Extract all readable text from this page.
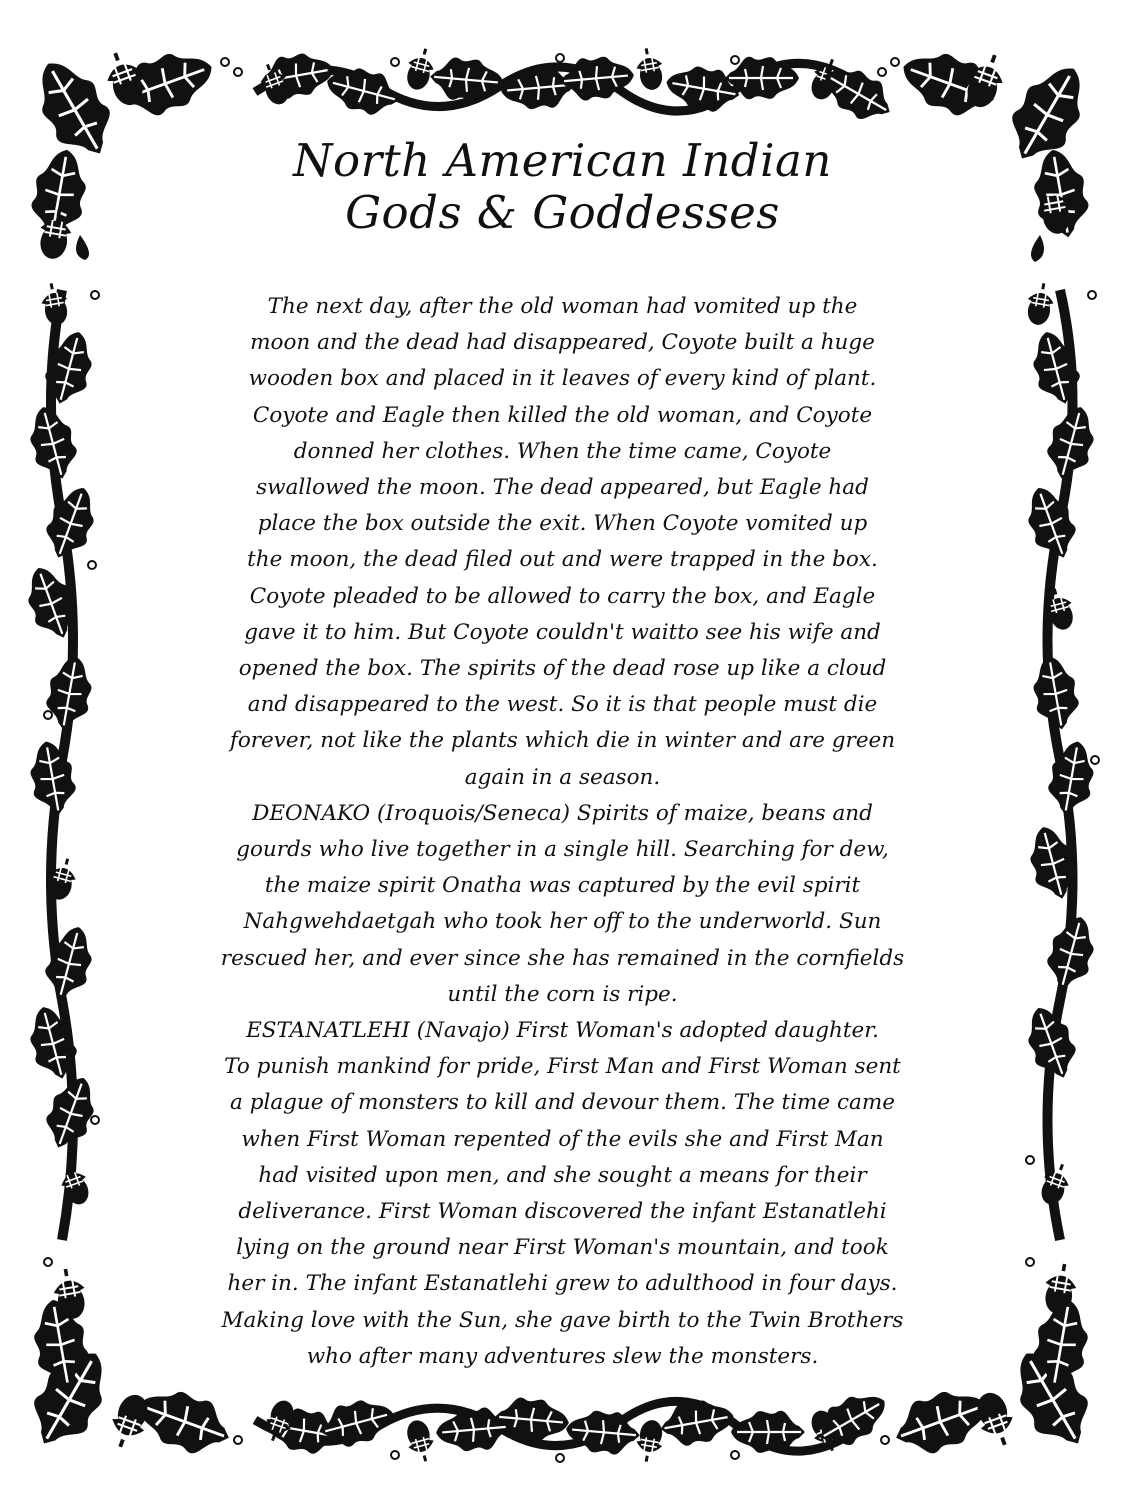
North American Indian
Gods & Goddesses
The next day, after the old woman had vomited up the
moon and the dead had disappeared, Coyote built a huge
wooden box and placed in it leaves of every kind of plant.
Coyote and Eagle then killed the old woman, and Coyote
donned her clothes. When the time came, Coyote
swallowed the moon. The dead appeared, but Eagle had
place the box outside the exit. When Coyote vomited up
the moon, the dead filed out and were trapped in the box.
Coyote pleaded to be allowed to carry the box, and Eagle
gave it to him. But Coyote couldn't waitto see his wife and
opened the box. The spirits of the dead rose up like a cloud
and disappeared to the west. So it is that people must die
forever, not like the plants which die in winter and are green
again in a season.
DEONAKO (Iroquois/Seneca) Spirits of maize, beans and
gourds who live together in a single hill. Searching for dew,
the maize spirit Onatha was captured by the evil spirit
Nahgwehdaetgah who took her off to the underworld. Sun
rescued her, and ever since she has remained in the cornfields
until the corn is ripe.
ESTANATLEHI (Navajo) First Woman's adopted daughter.
To punish mankind for pride, First Man and First Woman sent
a plague of monsters to kill and devour them. The time came
when First Woman repented of the evils she and First Man
had visited upon men, and she sought a means for their
deliverance. First Woman discovered the infant Estanatlehi
lying on the ground near First Woman's mountain, and took
her in. The infant Estanatlehi grew to adulthood in four days.
Making love with the Sun, she gave birth to the Twin Brothers
who after many adventures slew the monsters.
